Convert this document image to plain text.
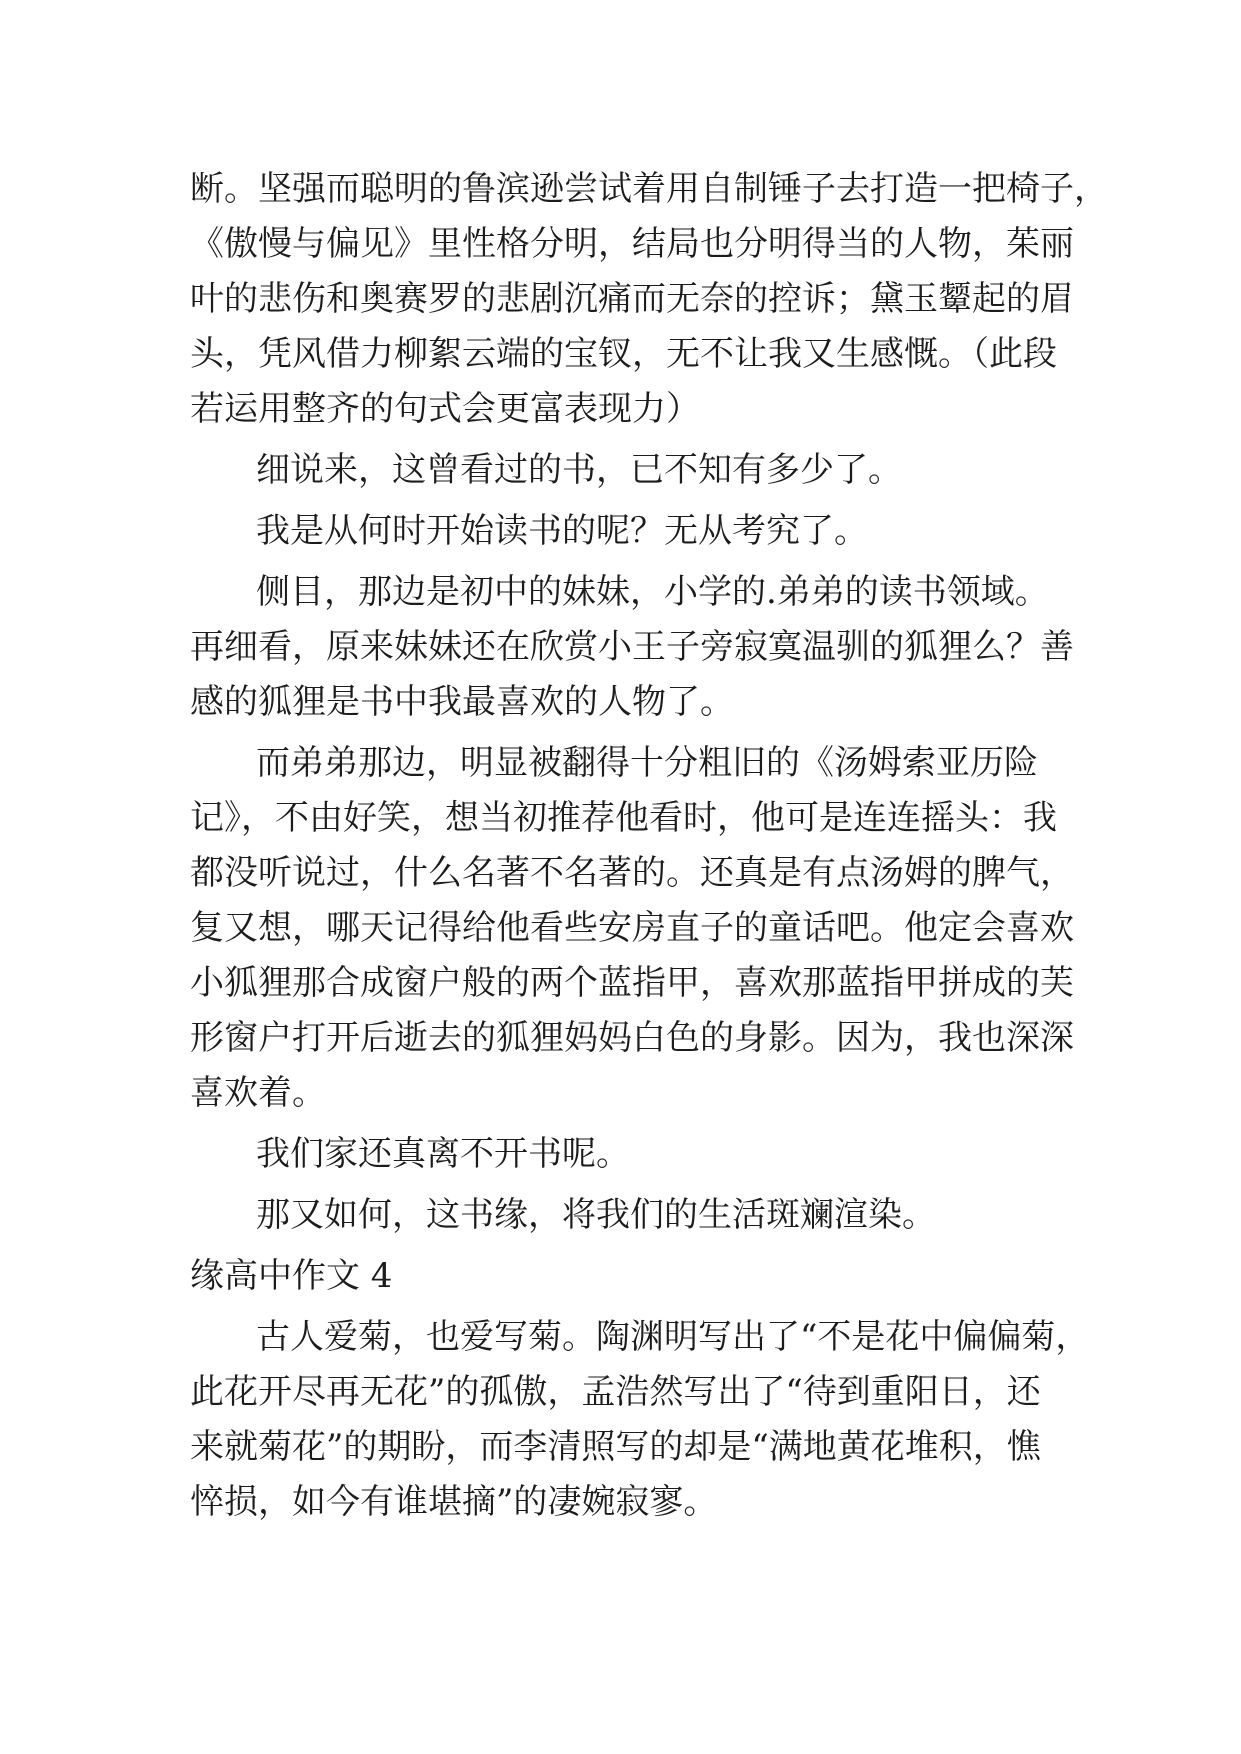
断。坚强而聪明的鲁滨逊尝试着用自制锤子去打造一把椅子，

《傲慢与偏见》里性格分明，结局也分明得当的人物，茱丽

叶的悲伤和奥赛罗的悲剧沉痛而无奈的控诉；黛玉颦起的眉

头，凭风借力柳絮云端的宝钗，无不让我又生感慨。（此段

若运用整齐的句式会更富表现力）

细说来，这曾看过的书，已不知有多少了。

我是从何时开始读书的呢？无从考究了。

侧目，那边是初中的妹妹，小学的.弟弟的读书领域。

再细看，原来妹妹还在欣赏小王子旁寂寞温驯的狐狸么？善

感的狐狸是书中我最喜欢的人物了。

而弟弟那边，明显被翻得十分粗旧的《汤姆索亚历险

记》，不由好笑，想当初推荐他看时，他可是连连摇头：我

都没听说过，什么名著不名著的。还真是有点汤姆的脾气，

复又想，哪天记得给他看些安房直子的童话吧。他定会喜欢

小狐狸那合成窗户般的两个蓝指甲，喜欢那蓝指甲拼成的芙

形窗户打开后逝去的狐狸妈妈白色的身影。因为，我也深深

喜欢着。

我们家还真离不开书呢。

那又如何，这书缘，将我们的生活斑斓渲染。

缘高中作文 4

古人爱菊，也爱写菊。陶渊明写出了“不是花中偏偏菊，

此花开尽再无花”的孤傲，孟浩然写出了“待到重阳日，还

来就菊花”的期盼，而李清照写的却是“满地黄花堆积，憔

悴损，如今有谁堪摘”的凄婉寂寥。
